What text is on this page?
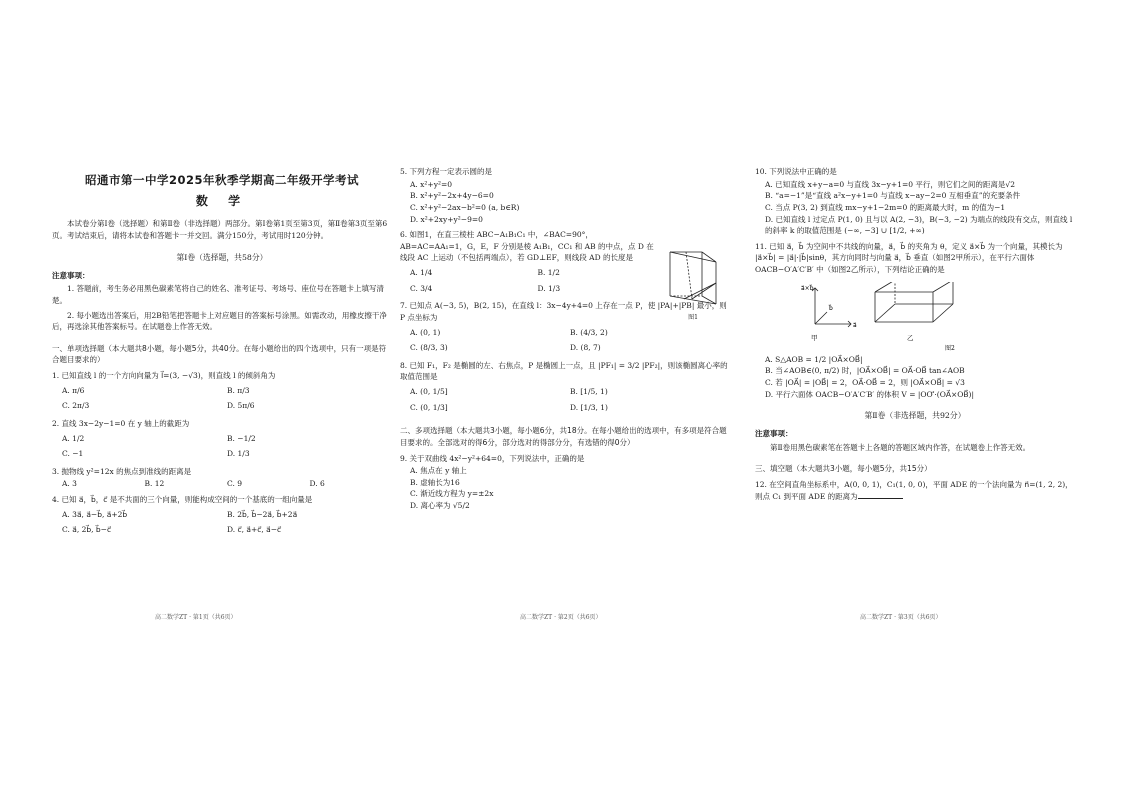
昭通市第一中学2025年秋季学期高二年级开学考试
数 学

本试卷分第Ⅰ卷（选择题）和第Ⅱ卷（非选择题）两部分。第Ⅰ卷第1页至第3页，第Ⅱ卷第3页至第6页。考试结束后，请将本试卷和答题卡一并交回。满分150分，考试用时120分钟。

第Ⅰ卷（选择题，共58分）
注意事项：

1. 答题前，考生务必用黑色碳素笔将自己的姓名、准考证号、考场号、座位号在答题卡上填写清楚。

2. 每小题选出答案后，用2B铅笔把答题卡上对应题目的答案标号涂黑。如需改动，用橡皮擦干净后，再选涂其他答案标号。在试题卷上作答无效。

一、单项选择题（本大题共8小题，每小题5分，共40分。在每小题给出的四个选项中，只有一项是符合题目要求的）
1. 已知直线 l 的一个方向向量为 l⃗=(3, −√3)，则直线 l 的倾斜角为
A. π/6	B. π/3
C. 2π/3	D. 5π/6
2. 直线 3x−2y−1=0 在 y 轴上的截距为
A. 1/2	B. −1/2
C. −1	D. 1/3
3. 抛物线 y²=12x 的焦点到准线的距离是
A. 3	B. 12	C. 9	D. 6
4. 已知 a⃗，b⃗，c⃗ 是不共面的三个向量，则能构成空间的一个基底的一组向量是
A. 3a⃗, a⃗−b⃗, a⃗+2b⃗	B. 2b⃗, b⃗−2a⃗, b⃗+2a⃗
C. a⃗, 2b⃗, b⃗−c⃗	D. c⃗, a⃗+c⃗, a⃗−c⃗
5. 下列方程一定表示圆的是
A. x²+y²=0
B. x²+y²−2x+4y−6=0
C. x²+y²−2ax−b²=0 (a, b∈R)
D. x²+2xy+y²−9=0
6. 如图1，在直三棱柱 ABC−A₁B₁C₁ 中，∠BAC=90°，AB=AC=AA₁=1，G，E，F 分别是棱 A₁B₁，CC₁ 和 AB 的中点，点 D 在线段 AC 上运动（不包括两端点），若 GD⊥EF，则线段 AD 的长度是
A. 1/4	B. 1/2
C. 3/4	D. 1/3
7. 已知点 A(−3, 5)，B(2, 15)，在直线 l：3x−4y+4=0 上存在一点 P，使 |PA|+|PB| 最小，则 P 点坐标为
A. (0, 1)	B. (4/3, 2)
C. (8/3, 3)	D. (8, 7)
8. 已知 F₁，F₂ 是椭圆的左、右焦点，P 是椭圆上一点，且 |PF₁| = 3/2 |PF₂|，则该椭圆离心率的取值范围是
A. (0, 1/5]	B. [1/5, 1)
C. (0, 1/3]	D. [1/3, 1)
二、多项选择题（本大题共3小题，每小题6分，共18分。在每小题给出的选项中，有多项是符合题目要求的。全部选对的得6分，部分选对的得部分分，有选错的得0分）
9. 关于双曲线 4x²−y²+64=0，下列说法中，正确的是
A. 焦点在 y 轴上
B. 虚轴长为16
C. 渐近线方程为 y=±2x
D. 离心率为 √5/2
图1
10. 下列说法中正确的是
A. 已知直线 x+y−a=0 与直线 3x−y+1=0 平行，则它们之间的距离是√2
B. “a=−1”是“直线 a²x−y+1=0 与直线 x−ay−2=0 互相垂直”的充要条件
C. 当点 P(3, 2) 到直线 mx−y+1−2m=0 的距离最大时，m 的值为−1
D. 已知直线 l 过定点 P(1, 0) 且与以 A(2, −3)，B(−3, −2) 为端点的线段有交点，则直线 l 的斜率 k 的取值范围是 (−∞, −3] ∪ [1/2, +∞)
11. 已知 a⃗，b⃗ 为空间中不共线的向量，a⃗，b⃗ 的夹角为 θ，定义 a⃗×b⃗ 为一个向量，其模长为 |a⃗×b⃗| = |a⃗|·|b⃗|sinθ，其方向同时与向量 a⃗，b⃗ 垂直（如图2甲所示），在平行六面体 OACB−O′A′C′B′ 中（如图2乙所示），下列结论正确的是
a⃗×b⃗
a⃗
b⃗
甲	乙
图2
A. S△AOB = 1/2 |OA⃗×OB⃗|
B. 当∠AOB∈(0, π/2) 时，|OA⃗×OB⃗| = OA⃗·OB⃗ tan∠AOB
C. 若 |OA⃗| = |OB⃗| = 2，OA⃗·OB⃗ = 2，则 |OA⃗×OB⃗| = √3
D. 平行六面体 OACB−O′A′C′B′ 的体积 V = |OO′⃗·(OA⃗×OB⃗)|
第Ⅱ卷（非选择题，共92分）
注意事项：

第Ⅱ卷用黑色碳素笔在答题卡上各题的答题区域内作答，在试题卷上作答无效。

三、填空题（本大题共3小题，每小题5分，共15分）
12. 在空间直角坐标系中，A(0, 0, 1)，C₁(1, 0, 0)，平面 ADE 的一个法向量为 n⃗=(1, 2, 2)，则点 C₁ 到平面 ADE 的距离为
高二数学ZT · 第1页（共6页）	高二数学ZT · 第2页（共6页）	高二数学ZT · 第3页（共6页）
